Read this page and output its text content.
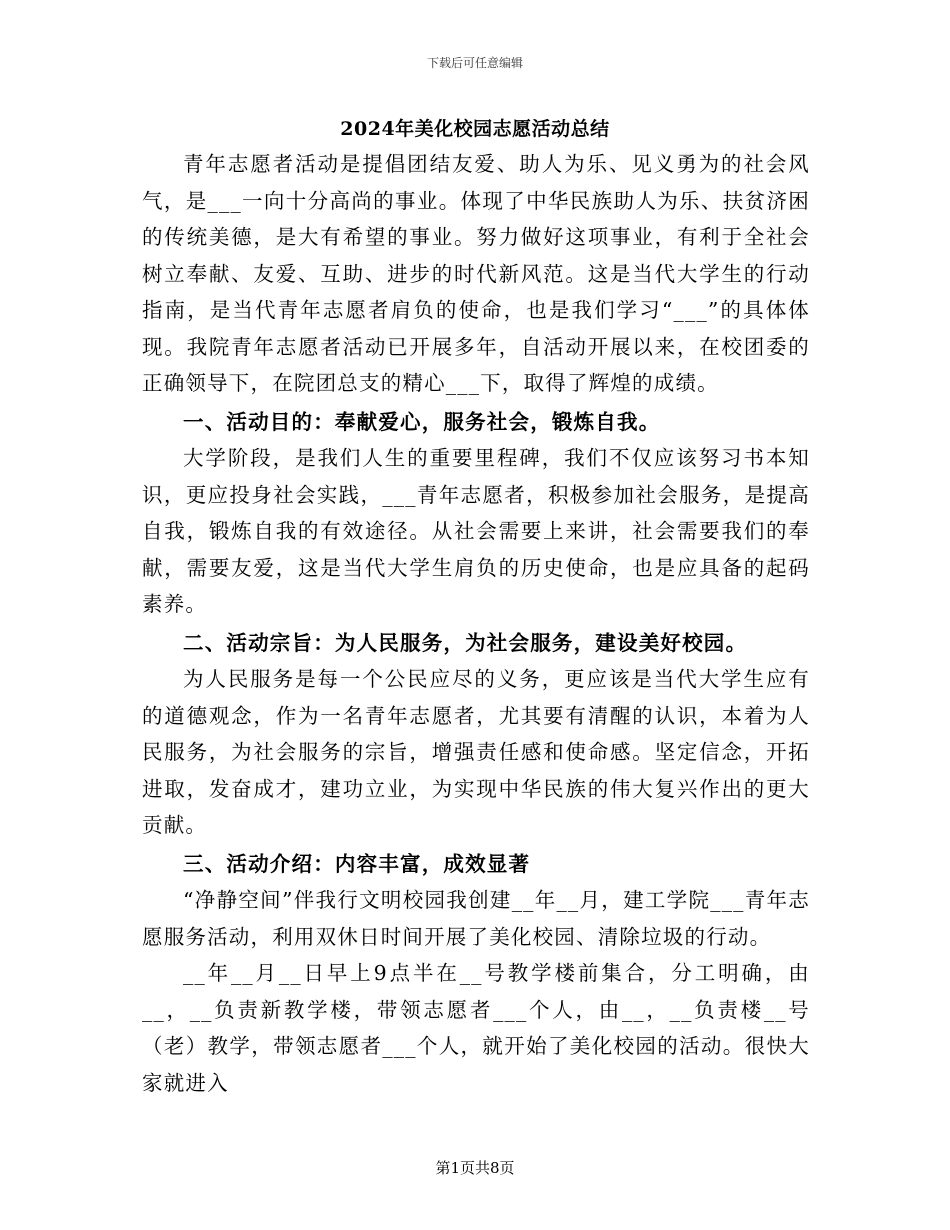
下载后可任意编辑
2024年美化校园志愿活动总结

青年志愿者活动是提倡团结友爱、助人为乐、见义勇为的社会风气，是___一向十分高尚的事业。体现了中华民族助人为乐、扶贫济困的传统美德，是大有希望的事业。努力做好这项事业，有利于全社会树立奉献、友爱、互助、进步的时代新风范。这是当代大学生的行动指南，是当代青年志愿者肩负的使命，也是我们学习“___”的具体体现。我院青年志愿者活动已开展多年，自活动开展以来，在校团委的正确领导下，在院团总支的精心___下，取得了辉煌的成绩。

一、活动目的：奉献爱心，服务社会，锻炼自我。

大学阶段，是我们人生的重要里程碑，我们不仅应该努习书本知识，更应投身社会实践，___青年志愿者，积极参加社会服务，是提高自我，锻炼自我的有效途径。从社会需要上来讲，社会需要我们的奉献，需要友爱，这是当代大学生肩负的历史使命，也是应具备的起码素养。

二、活动宗旨：为人民服务，为社会服务，建设美好校园。

为人民服务是每一个公民应尽的义务，更应该是当代大学生应有的道德观念，作为一名青年志愿者，尤其要有清醒的认识，本着为人民服务，为社会服务的宗旨，增强责任感和使命感。坚定信念，开拓进取，发奋成才，建功立业，为实现中华民族的伟大复兴作出的更大贡献。

三、活动介绍：内容丰富，成效显著

“净静空间”伴我行文明校园我创建__年__月，建工学院___青年志愿服务活动，利用双休日时间开展了美化校园、清除垃圾的行动。

__年__月__日早上9点半在__号教学楼前集合，分工明确，由__，__负责新教学楼，带领志愿者___个人，由__，__负责楼__号（老）教学，带领志愿者___个人，就开始了美化校园的活动。很快大家就进入

第1页共8页
